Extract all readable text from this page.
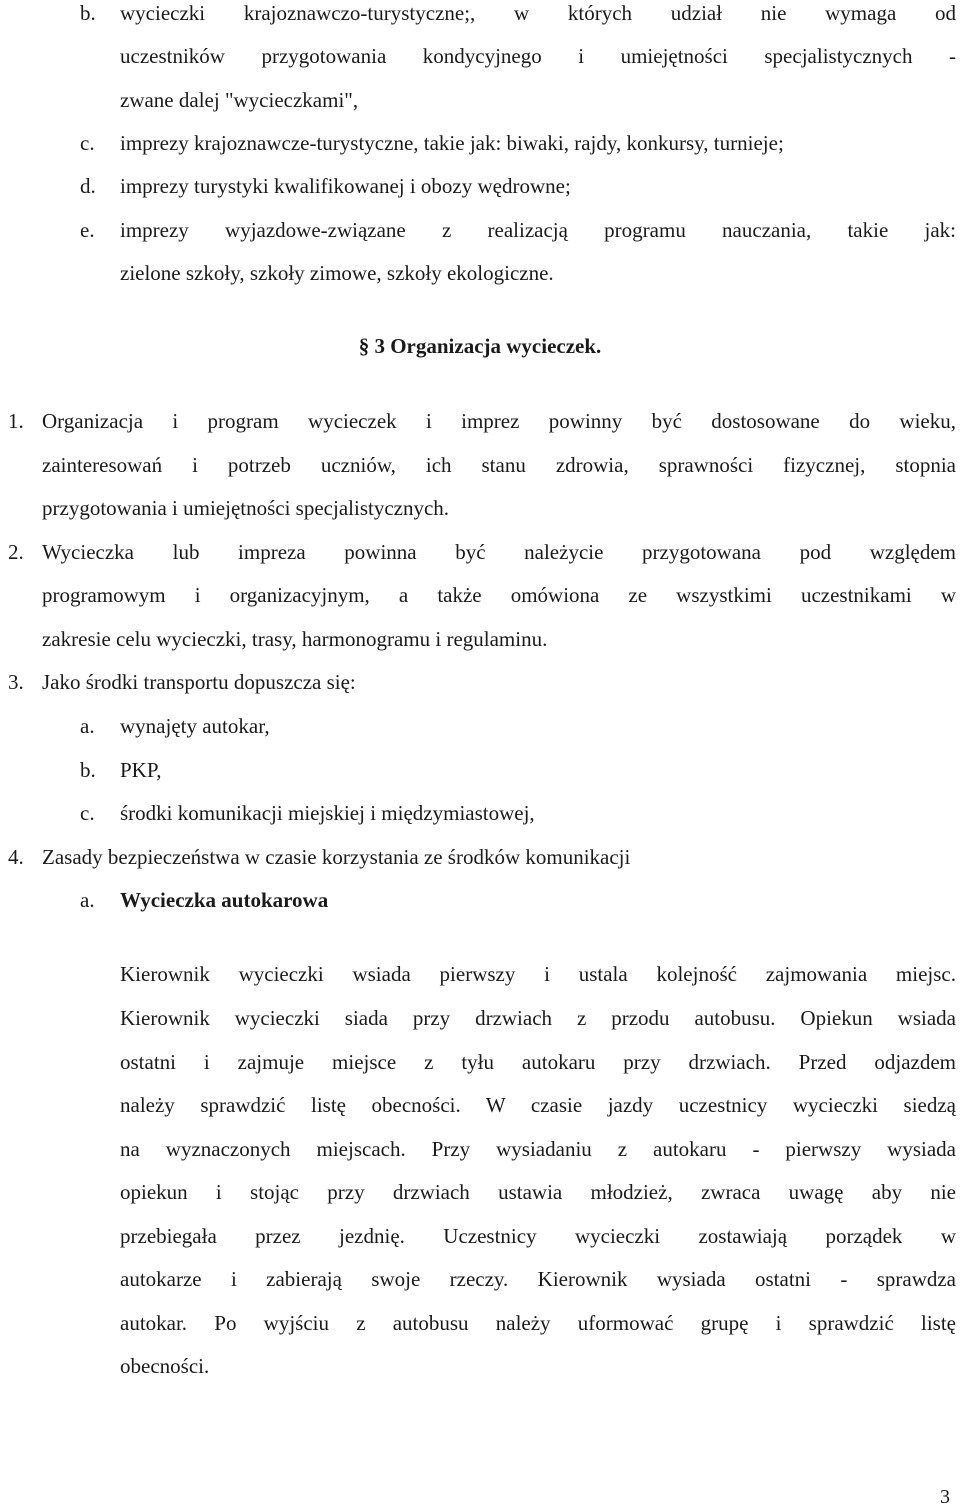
b. wycieczki krajoznawczo-turystyczne;, w których udział nie wymaga od
uczestników przygotowania kondycyjnego i umiejętności specjalistycznych -
zwane dalej "wycieczkami",
c. imprezy krajoznawcze-turystyczne, takie jak: biwaki, rajdy, konkursy, turnieje;
d. imprezy turystyki kwalifikowanej i obozy wędrowne;
e. imprezy wyjazdowe-związane z realizacją programu nauczania, takie jak:
zielone szkoły, szkoły zimowe, szkoły ekologiczne.
§ 3 Organizacja wycieczek.
1. Organizacja i program wycieczek i imprez powinny być dostosowane do wieku,
zainteresowań i potrzeb uczniów, ich stanu zdrowia, sprawności fizycznej, stopnia
przygotowania i umiejętności specjalistycznych.
2. Wycieczka lub impreza powinna być należycie przygotowana pod względem
programowym i organizacyjnym, a także omówiona ze wszystkimi uczestnikami w
zakresie celu wycieczki, trasy, harmonogramu i regulaminu.
3. Jako środki transportu dopuszcza się:
a. wynajęty autokar,
b. PKP,
c. środki komunikacji miejskiej i międzymiastowej,
4. Zasady bezpieczeństwa w czasie korzystania ze środków komunikacji
a. Wycieczka autokarowa
Kierownik wycieczki wsiada pierwszy i ustala kolejność zajmowania miejsc.
Kierownik wycieczki siada przy drzwiach z przodu autobusu. Opiekun wsiada
ostatni i zajmuje miejsce z tyłu autokaru przy drzwiach. Przed odjazdem
należy sprawdzić listę obecności. W czasie jazdy uczestnicy wycieczki siedzą
na wyznaczonych miejscach. Przy wysiadaniu z autokaru - pierwszy wysiada
opiekun i stojąc przy drzwiach ustawia młodzież, zwraca uwagę aby nie
przebiegała przez jezdnię. Uczestnicy wycieczki zostawiają porządek w
autokarze i zabierają swoje rzeczy. Kierownik wysiada ostatni - sprawdza
autokar. Po wyjściu z autobusu należy uformować grupę i sprawdzić listę
obecności.
3
